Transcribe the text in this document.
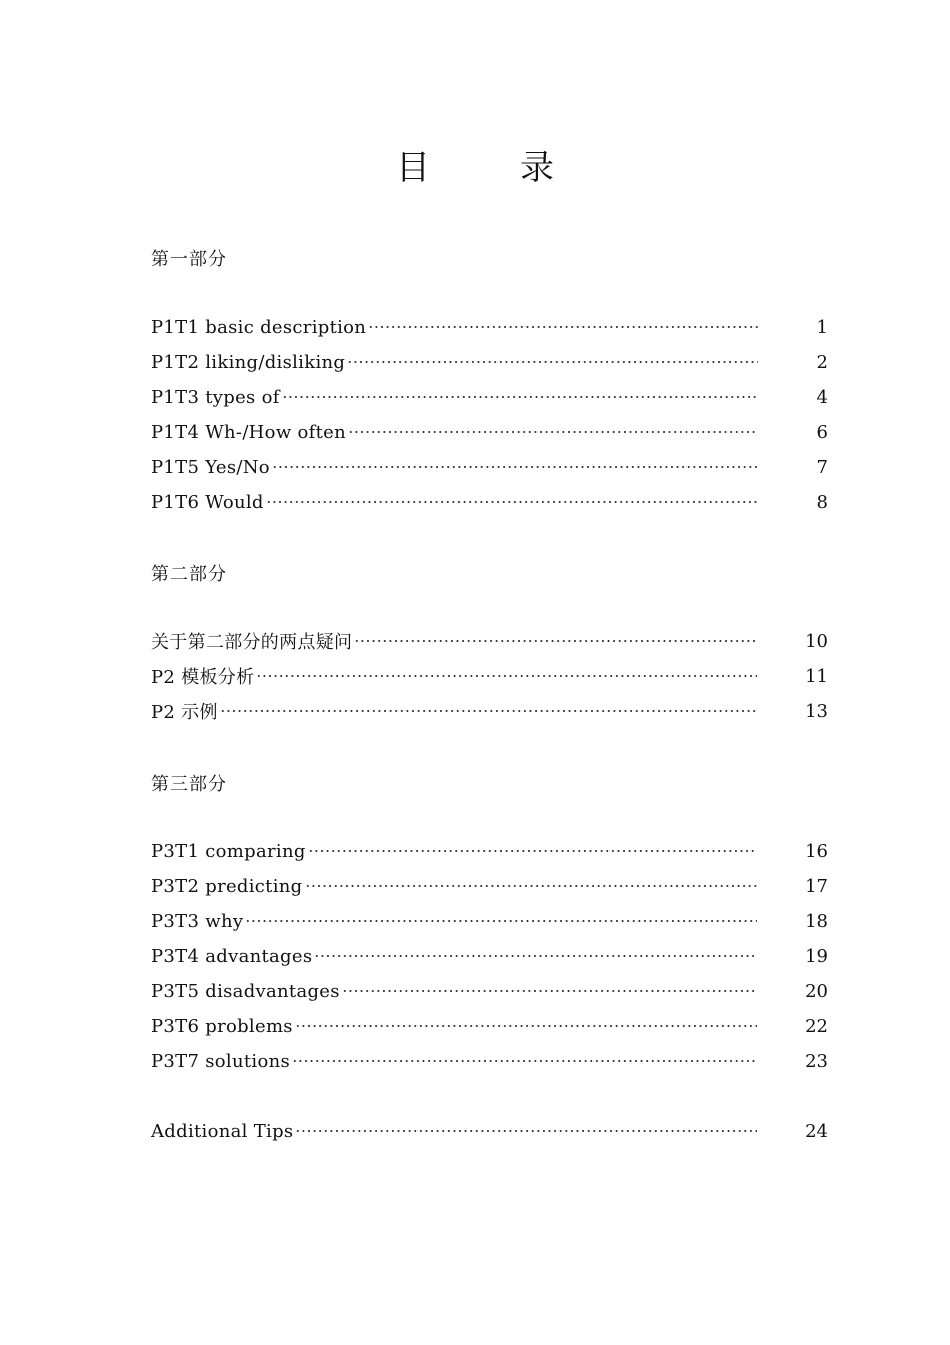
目　录
第一部分
P1T1 basic description	1
P1T2 liking/disliking	2
P1T3 types of	4
P1T4 Wh-/How often	6
P1T5 Yes/No	7
P1T6 Would	8
第二部分
关于第二部分的两点疑问	10
P2 模板分析	11
P2 示例	13
第三部分
P3T1 comparing	16
P3T2 predicting	17
P3T3 why	18
P3T4 advantages	19
P3T5 disadvantages	20
P3T6 problems	22
P3T7 solutions	23
Additional Tips	24
